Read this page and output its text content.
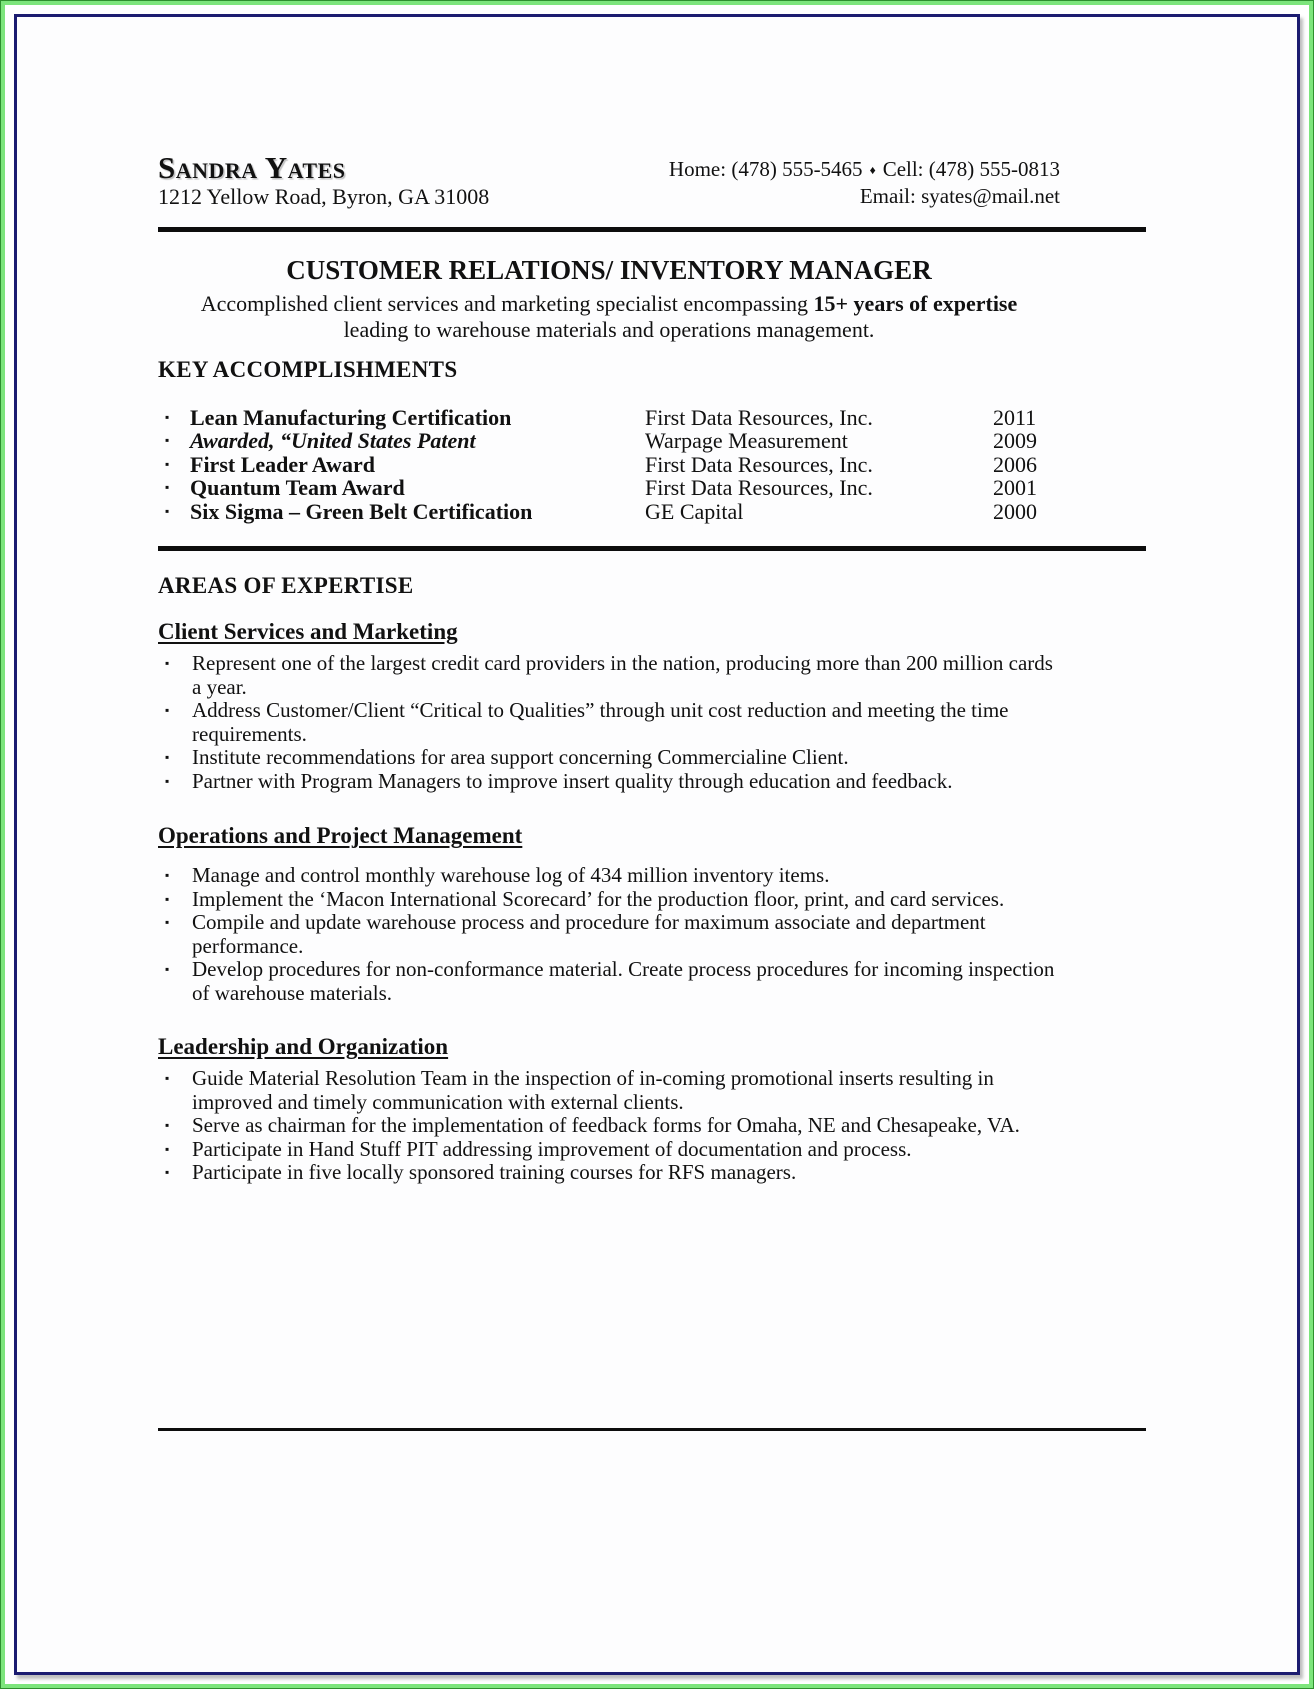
Sandra Yates
1212 Yellow Road, Byron, GA 31008
Home: (478) 555-5465 ♦ Cell: (478) 555-0813
Email: syates@mail.net
CUSTOMER RELATIONS/ INVENTORY MANAGER
Accomplished client services and marketing specialist encompassing 15+ years of expertise
leading to warehouse materials and operations management.
KEY ACCOMPLISHMENTS
▪ Lean Manufacturing Certification	First Data Resources, Inc.	2011
▪ Awarded, “United States Patent	Warpage Measurement	2009
▪ First Leader Award	First Data Resources, Inc.	2006
▪ Quantum Team Award	First Data Resources, Inc.	2001
▪ Six Sigma – Green Belt Certification	GE Capital	2000
AREAS OF EXPERTISE
Client Services and Marketing
▪	Represent one of the largest credit card providers in the nation, producing more than 200 million cards a year.
▪	Address Customer/Client “Critical to Qualities” through unit cost reduction and meeting the time requirements.
▪	Institute recommendations for area support concerning Commercialine Client.
▪	Partner with Program Managers to improve insert quality through education and feedback.
Operations and Project Management
▪	Manage and control monthly warehouse log of 434 million inventory items.
▪	Implement the ‘Macon International Scorecard’ for the production floor, print, and card services.
▪	Compile and update warehouse process and procedure for maximum associate and department performance.
▪	Develop procedures for non-conformance material. Create process procedures for incoming inspection of warehouse materials.
Leadership and Organization
▪	Guide Material Resolution Team in the inspection of in-coming promotional inserts resulting in improved and timely communication with external clients.
▪	Serve as chairman for the implementation of feedback forms for Omaha, NE and Chesapeake, VA.
▪	Participate in Hand Stuff PIT addressing improvement of documentation and process.
▪	Participate in five locally sponsored training courses for RFS managers.
